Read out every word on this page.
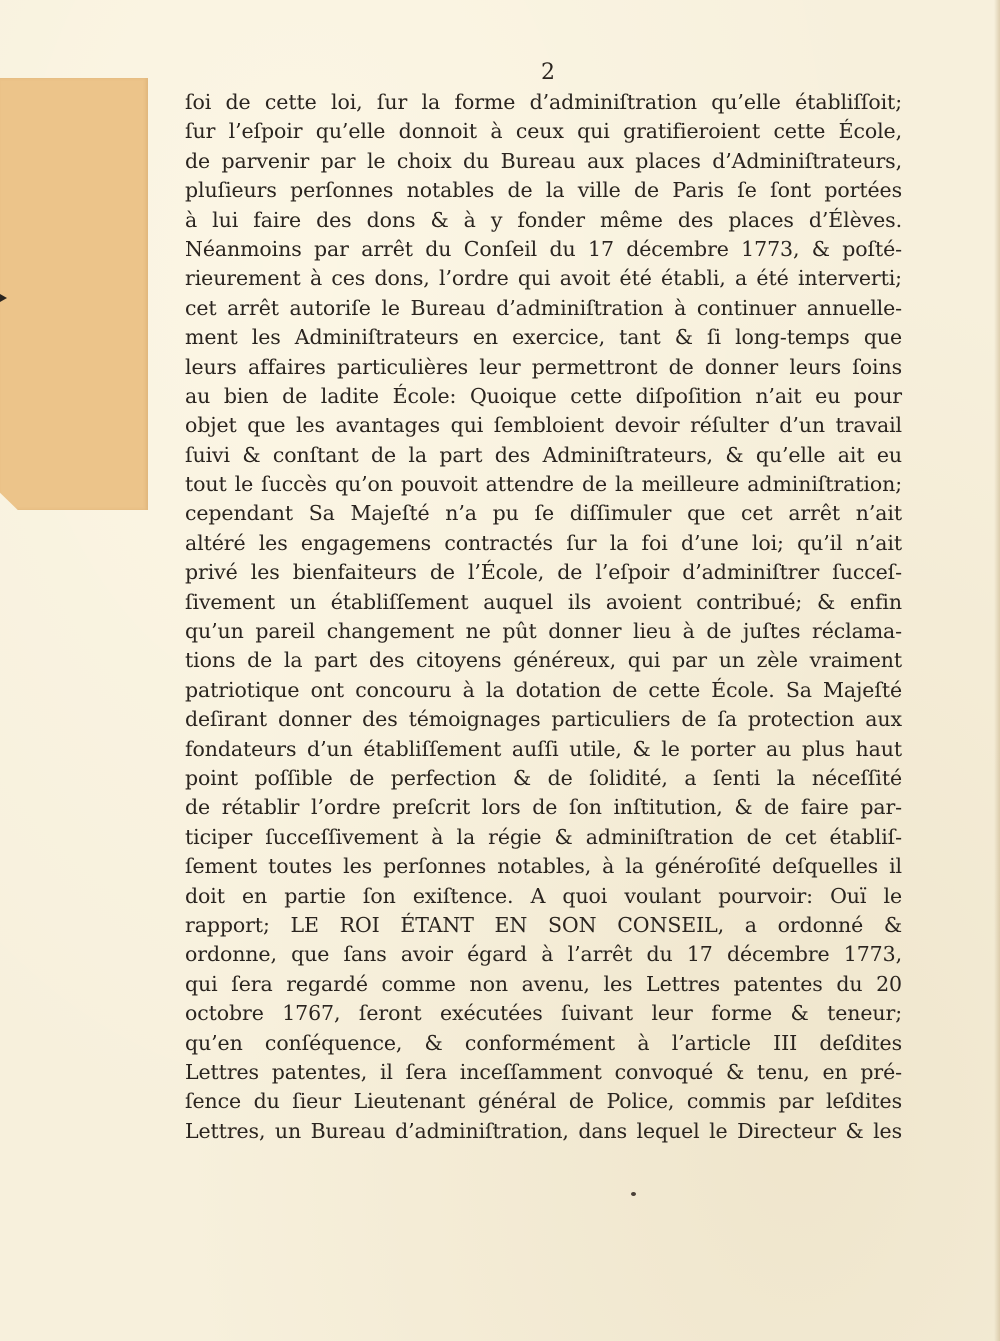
2
ſoi de cette loi, ſur la forme d’adminiſtration qu’elle établiſſoit;
ſur l’eſpoir qu’elle donnoit à ceux qui gratifieroient cette École,
de parvenir par le choix du Bureau aux places d’Adminiſtrateurs,
pluſieurs perſonnes notables de la ville de Paris ſe ſont portées
à lui faire des dons & à y fonder même des places d’Élèves.
Néanmoins par arrêt du Conſeil du 17 décembre 1773, & poſté-
rieurement à ces dons, l’ordre qui avoit été établi, a été interverti;
cet arrêt autoriſe le Bureau d’adminiſtration à continuer annuelle-
ment les Adminiſtrateurs en exercice, tant & ſi long-temps que
leurs affaires particulières leur permettront de donner leurs ſoins
au bien de ladite École: Quoique cette diſpoſition n’ait eu pour
objet que les avantages qui ſembloient devoir réſulter d’un travail
ſuivi & conſtant de la part des Adminiſtrateurs, & qu’elle ait eu
tout le ſuccès qu’on pouvoit attendre de la meilleure adminiſtration;
cependant Sa Majeſté n’a pu ſe diſſimuler que cet arrêt n’ait
altéré les engagemens contractés ſur la foi d’une loi; qu’il n’ait
privé les bienfaiteurs de l’École, de l’eſpoir d’adminiſtrer ſucceſ-
ſivement un établiſſement auquel ils avoient contribué; & enfin
qu’un pareil changement ne pût donner lieu à de juſtes réclama-
tions de la part des citoyens généreux, qui par un zèle vraiment
patriotique ont concouru à la dotation de cette École. Sa Majeſté
deſirant donner des témoignages particuliers de ſa protection aux
fondateurs d’un établiſſement auſſi utile, & le porter au plus haut
point poſſible de perfection & de ſolidité, a ſenti la néceſſité
de rétablir l’ordre preſcrit lors de ſon inſtitution, & de faire par-
ticiper ſucceſſivement à la régie & adminiſtration de cet établiſ-
ſement toutes les perſonnes notables, à la généroſité deſquelles il
doit en partie ſon exiſtence. A quoi voulant pourvoir: Ouï le
rapport; LE ROI ÉTANT EN SON CONSEIL, a ordonné &
ordonne, que ſans avoir égard à l’arrêt du 17 décembre 1773,
qui ſera regardé comme non avenu, les Lettres patentes du 20
octobre 1767, ſeront exécutées ſuivant leur forme & teneur;
qu’en conſéquence, & conformément à l’article III deſdites
Lettres patentes, il ſera inceſſamment convoqué & tenu, en pré-
ſence du ſieur Lieutenant général de Police, commis par leſdites
Lettres, un Bureau d’adminiſtration, dans lequel le Directeur & les
